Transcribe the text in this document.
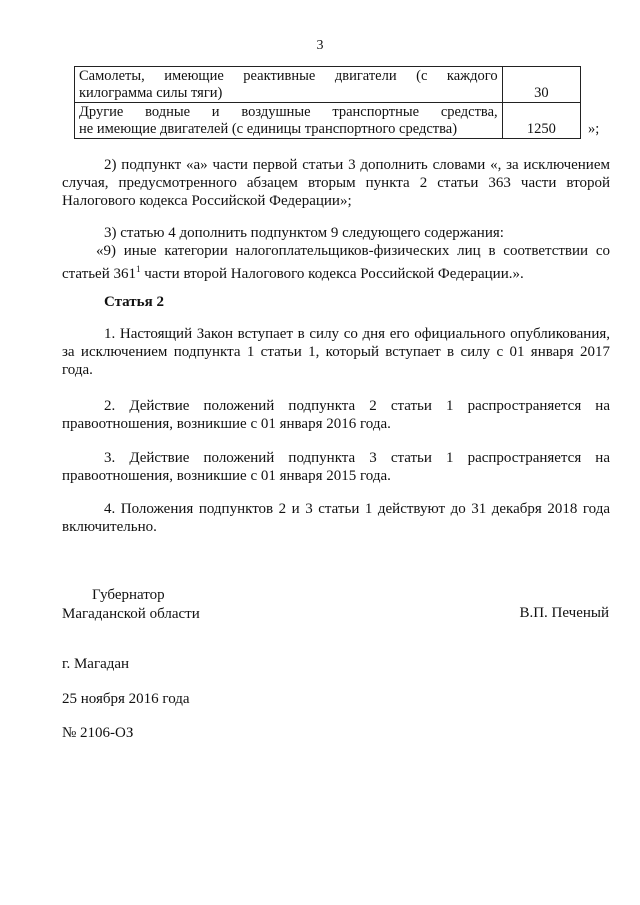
3
Самолеты, имеющие реактивные двигатели (с каждого
килограмма силы тяги)	30
Другие водные и воздушные транспортные средства,
не имеющие двигателей (с единицы транспортного средства)	1250 »;
2) подпункт «а» части первой статьи 3 дополнить словами «, за исключением случая, предусмотренного абзацем вторым пункта 2 статьи 363 части второй Налогового кодекса Российской Федерации»;
3) статью 4 дополнить подпунктом 9 следующего содержания:
«9) иные категории налогоплательщиков-физических лиц в соответствии со статьей $361^1$ части второй Налогового кодекса Российской Федерации.».
Статья 2
1. Настоящий Закон вступает в силу со дня его официального опубликования, за исключением подпункта 1 статьи 1, который вступает в силу с 01 января 2017 года.
2. Действие положений подпункта 2 статьи 1 распространяется на правоотношения, возникшие с 01 января 2016 года.
3. Действие положений подпункта 3 статьи 1 распространяется на правоотношения, возникшие с 01 января 2015 года.
4. Положения подпунктов 2 и 3 статьи 1 действуют до 31 декабря 2018 года включительно.
Губернатор
Магаданской области	В.П. Печеный
г. Магадан
25 ноября 2016 года
№ 2106-ОЗ
